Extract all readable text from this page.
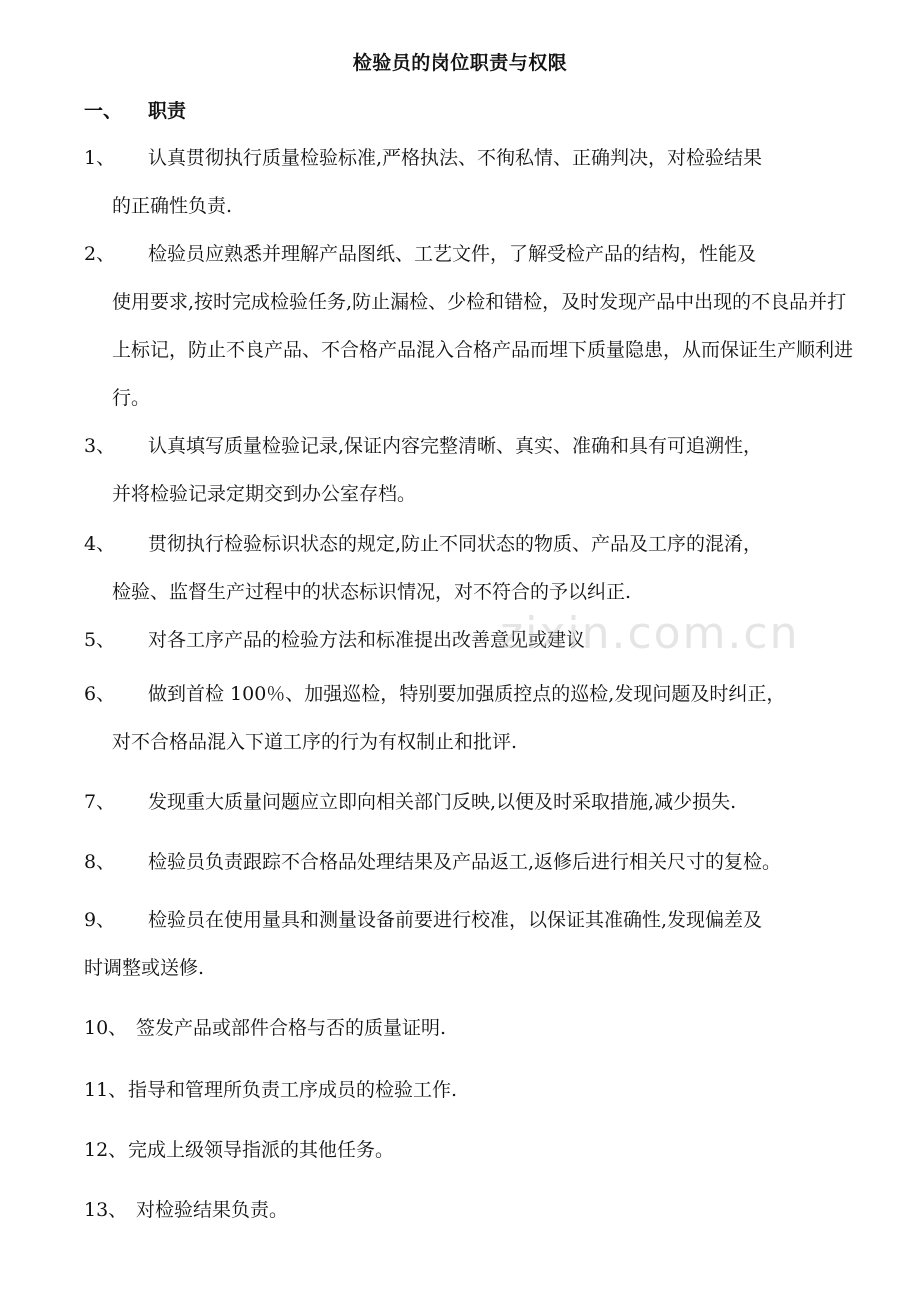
检验员的岗位职责与权限
一、 职责
1、	认真贯彻执行质量检验标准,严格执法、不徇私情、正确判决，对检验结果
的正确性负责.
2、	检验员应熟悉并理解产品图纸、工艺文件，了解受检产品的结构，性能及
使用要求,按时完成检验任务,防止漏检、少检和错检，及时发现产品中出现的不良品并打上标记，防止不良产品、不合格产品混入合格产品而埋下质量隐患，从而保证生产顺利进行。
3、	认真填写质量检验记录,保证内容完整清晰、真实、准确和具有可追溯性，
并将检验记录定期交到办公室存档。
4、	贯彻执行检验标识状态的规定,防止不同状态的物质、产品及工序的混淆，
检验、监督生产过程中的状态标识情况，对不符合的予以纠正.
5、	对各工序产品的检验方法和标准提出改善意见或建议
6、	做到首检 100％、加强巡检，特别要加强质控点的巡检,发现问题及时纠正，
对不合格品混入下道工序的行为有权制止和批评.
7、	发现重大质量问题应立即向相关部门反映,以便及时采取措施,减少损失.
8、	检验员负责跟踪不合格品处理结果及产品返工,返修后进行相关尺寸的复检。
9、	检验员在使用量具和测量设备前要进行校准，以保证其准确性,发现偏差及
时调整或送修.
10、 签发产品或部件合格与否的质量证明.
11、 指导和管理所负责工序成员的检验工作.
12、 完成上级领导指派的其他任务。
13、 对检验结果负责。
zixin.com.cn
